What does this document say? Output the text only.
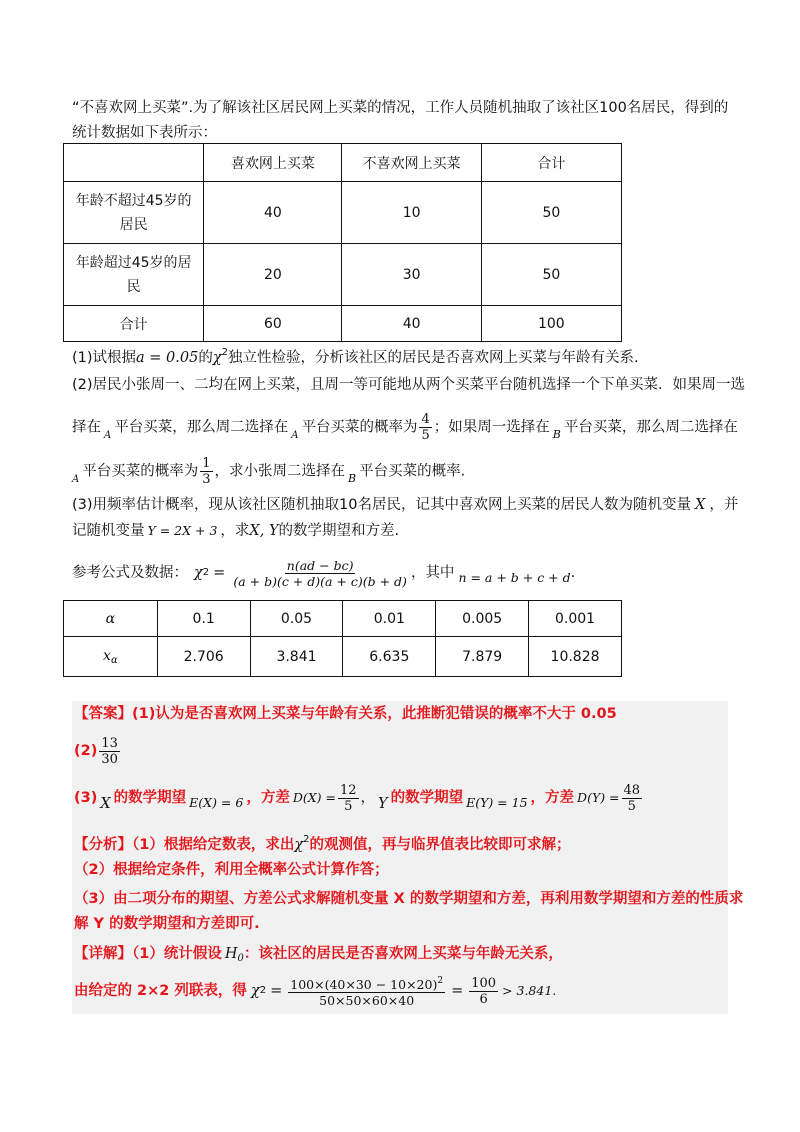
“不喜欢网上买菜”.为了解该社区居民网上买菜的情况，工作人员随机抽取了该社区100名居民，得到的
统计数据如下表所示：
	喜欢网上买菜	不喜欢网上买菜	合计
年龄不超过45岁的
居民	40	10	50
年龄超过45岁的居
民	20	30	50
合计	60	40	100
(1)试根据a = 0.05的$\chi^2$独立性检验，分析该社区的居民是否喜欢网上买菜与年龄有关系.
(2)居民小张周一、二均在网上买菜，且周一等可能地从两个买菜平台随机选择一个下单买菜．如果周一选
择在 $_A$ 平台买菜，那么周二选择在 $_A$ 平台买菜的概率为 $\frac{4}{5}$ ；如果周一选择在 $_B$ 平台买菜，那么周二选择在
$_A$ 平台买菜的概率为 $\frac{1}{3}$ ，求小张周二选择在 $_B$ 平台买菜的概率.
(3)用频率估计概率，现从该社区随机抽取10名居民，记其中喜欢网上买菜的居民人数为随机变量 X ，并
记随机变量 Y = 2X + 3 ，求X, Y的数学期望和方差.
参考公式及数据： χ $2 = \frac{n(ad - bc)}{(a + b)(c + d)(a + c)(b + d)}$ ，其中 n = a + b + c + d .
α	0.1	0.05	0.01	0.005	0.001
$x_\alpha$	2.706	3.841	6.635	7.879	10.828
【答案】(1)认为是否喜欢网上买菜与年龄有关系，此推断犯错误的概率不大于 0.05
$(2) \frac{13}{30}$
(3) X 的数学期望 E(X) = 6 ，方差 $D(X) = \frac{12}{5}$ ， Y 的数学期望 E(Y) = 15 ，方差 $D(Y) = \frac{48}{5}$
【分析】（1）根据给定数表，求出$\chi^2$的观测值，再与临界值表比较即可求解；
（2）根据给定条件，利用全概率公式计算作答；
（3）由二项分布的期望、方差公式求解随机变量 X 的数学期望和方差，再利用数学期望和方差的性质求
解 Y 的数学期望和方差即可.
【详解】（1）统计假设 $H_0$：该社区的居民是否喜欢网上买菜与年龄无关系，
由给定的 2×2 列联表，得 χ $2 = \frac{100\times(40\times 30 - 10\times 20)^2}{50\times 50\times 60\times 40} = \frac{100}{6} > 3.841$.
